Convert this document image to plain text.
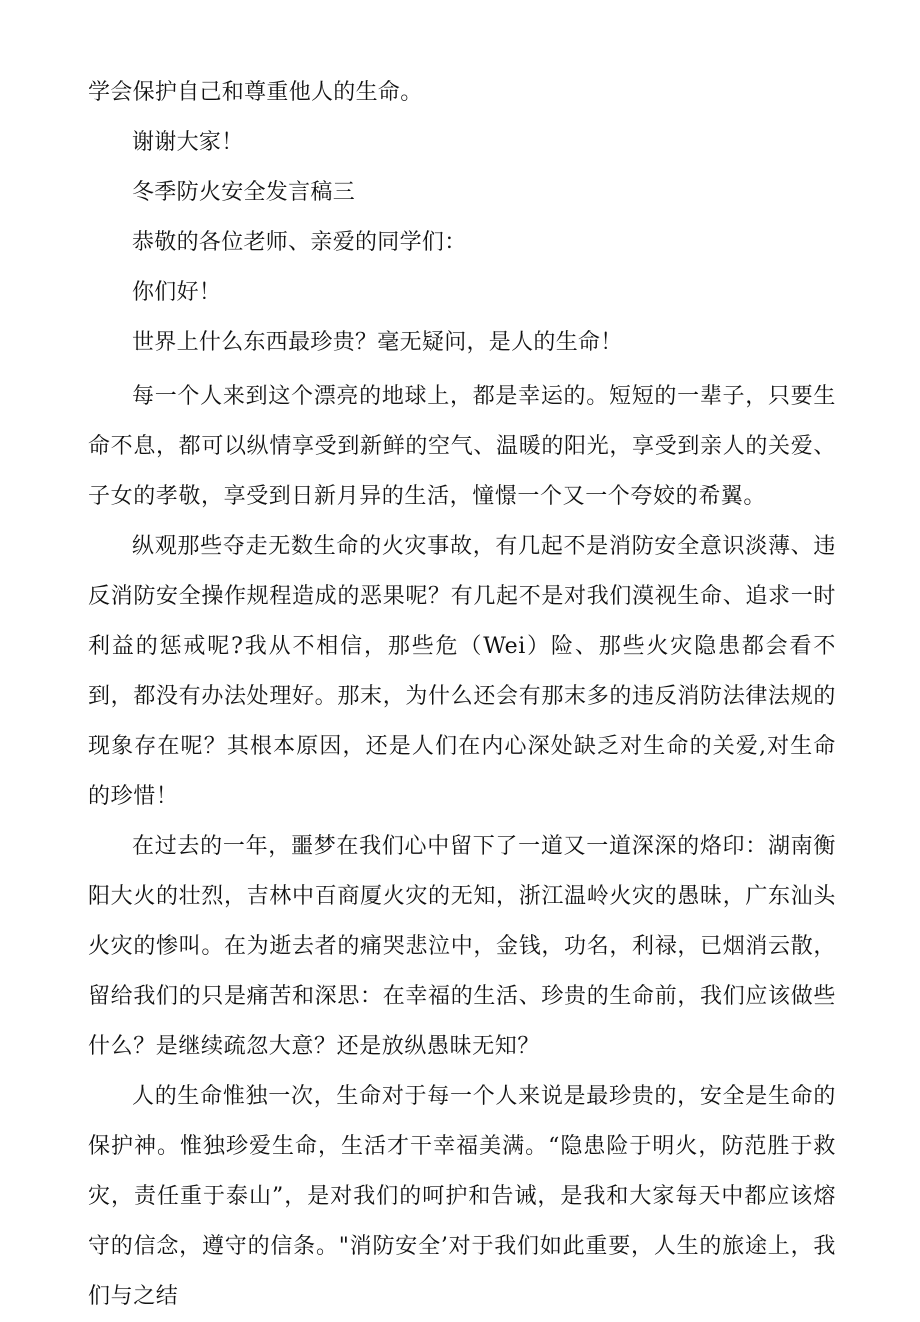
学会保护自己和尊重他人的生命。
谢谢大家！
冬季防火安全发言稿三
恭敬的各位老师、亲爱的同学们：
你们好！
世界上什么东西最珍贵？毫无疑问，是人的生命！

每一个人来到这个漂亮的地球上，都是幸运的。短短的一辈子，只要生命不息，都可以纵情享受到新鲜的空气、温暖的阳光，享受到亲人的关爱、子女的孝敬，享受到日新月异的生活，憧憬一个又一个夸姣的希翼。

纵观那些夺走无数生命的火灾事故，有几起不是消防安全意识淡薄、违反消防安全操作规程造成的恶果呢？有几起不是对我们漠视生命、追求一时利益的惩戒呢?我从不相信，那些危（Wei）险、那些火灾隐患都会看不到，都没有办法处理好。那末，为什么还会有那末多的违反消防法律法规的现象存在呢？其根本原因，还是人们在内心深处缺乏对生命的关爱,对生命的珍惜！

在过去的一年，噩梦在我们心中留下了一道又一道深深的烙印：湖南衡阳大火的壮烈，吉林中百商厦火灾的无知，浙江温岭火灾的愚昧，广东汕头火灾的惨叫。在为逝去者的痛哭悲泣中，金钱，功名，利禄，已烟消云散，留给我们的只是痛苦和深思：在幸福的生活、珍贵的生命前，我们应该做些什么？是继续疏忽大意？还是放纵愚昧无知？

人的生命惟独一次，生命对于每一个人来说是最珍贵的，安全是生命的保护神。惟独珍爱生命，生活才干幸福美满。“隐患险于明火，防范胜于救灾，责任重于泰山”，是对我们的呵护和告诫，是我和大家每天中都应该熔守的信念，遵守的信条。"消防安全’对于我们如此重要，人生的旅途上，我们与之结
